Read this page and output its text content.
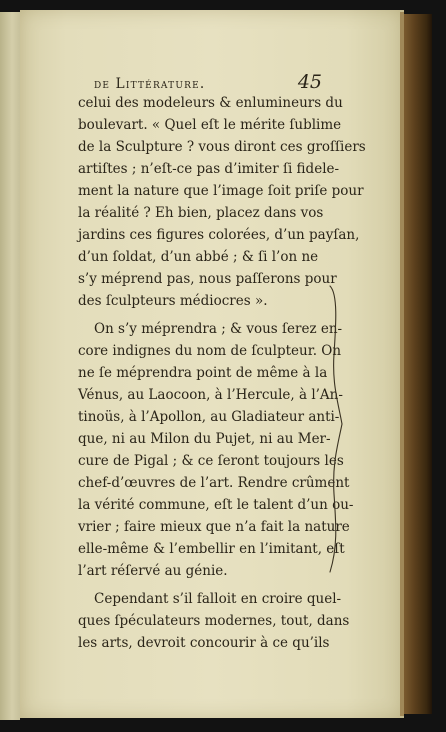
de Littérature.	45
celui des modeleurs & enlumineurs du
boulevart. « Quel eſt le mérite ſublime
de la Sculpture ? vous diront ces groſſiers
artiſtes ; n’eſt-ce pas d’imiter ſi fidele-
ment la nature que l’image ſoit priſe pour
la réalité ? Eh bien, placez dans vos
jardins ces figures colorées, d’un payſan,
d’un ſoldat, d’un abbé ; & ſi l’on ne
s’y méprend pas, nous paſſerons pour
des ſculpteurs médiocres ».
On s’y méprendra ; & vous ſerez en-
core indignes du nom de ſculpteur. On
ne ſe méprendra point de même à la
Vénus, au Laocoon, à l’Hercule, à l’An-
tinoüs, à l’Apollon, au Gladiateur anti-
que, ni au Milon du Pujet, ni au Mer-
cure de Pigal ; & ce ſeront toujours les
chef-d’œuvres de l’art. Rendre crûment
la vérité commune, eſt le talent d’un ou-
vrier ; faire mieux que n’a fait la nature
elle-même & l’embellir en l’imitant, eſt
l’art réſervé au génie.
Cependant s’il falloit en croire quel-
ques ſpéculateurs modernes, tout, dans
les arts, devroit concourir à ce qu’ils
